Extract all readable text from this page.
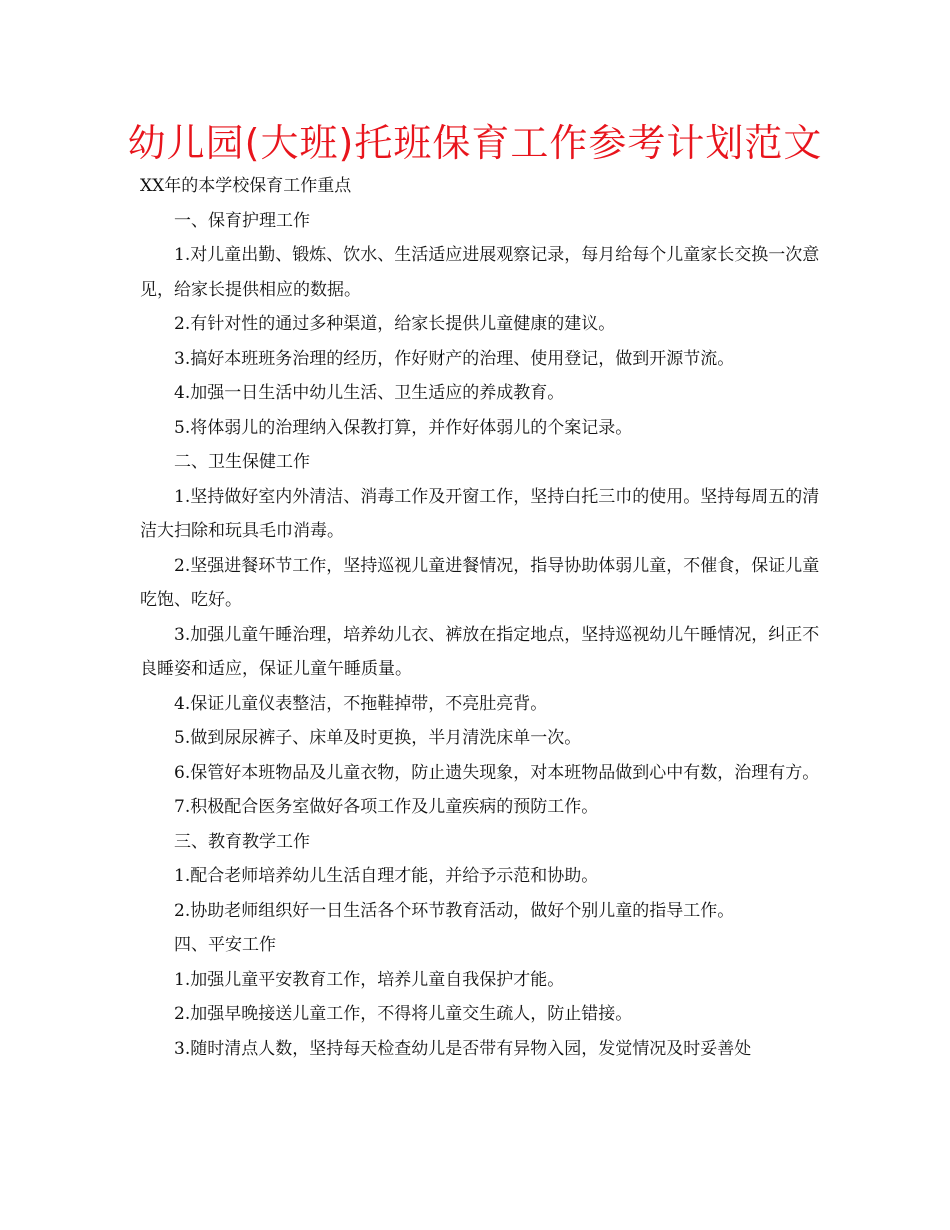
幼儿园(大班)托班保育工作参考计划范文

XX年的本学校保育工作重点

一、保育护理工作

1.对儿童出勤、锻炼、饮水、生活适应进展观察记录，每月给每个儿童家长交换一次意见，给家长提供相应的数据。

2.有针对性的通过多种渠道，给家长提供儿童健康的建议。

3.搞好本班班务治理的经历，作好财产的治理、使用登记，做到开源节流。

4.加强一日生活中幼儿生活、卫生适应的养成教育。

5.将体弱儿的治理纳入保教打算，并作好体弱儿的个案记录。

二、卫生保健工作

1.坚持做好室内外清洁、消毒工作及开窗工作，坚持白托三巾的使用。坚持每周五的清洁大扫除和玩具毛巾消毒。

2.坚强进餐环节工作，坚持巡视儿童进餐情况，指导协助体弱儿童，不催食，保证儿童吃饱、吃好。

3.加强儿童午睡治理，培养幼儿衣、裤放在指定地点，坚持巡视幼儿午睡情况，纠正不良睡姿和适应，保证儿童午睡质量。

4.保证儿童仪表整洁，不拖鞋掉带，不亮肚亮背。

5.做到尿尿裤子、床单及时更换，半月清洗床单一次。

6.保管好本班物品及儿童衣物，防止遗失现象，对本班物品做到心中有数，治理有方。

7.积极配合医务室做好各项工作及儿童疾病的预防工作。

三、教育教学工作

1.配合老师培养幼儿生活自理才能，并给予示范和协助。

2.协助老师组织好一日生活各个环节教育活动，做好个别儿童的指导工作。

四、平安工作

1.加强儿童平安教育工作，培养儿童自我保护才能。

2.加强早晚接送儿童工作，不得将儿童交生疏人，防止错接。

3.随时清点人数，坚持每天检查幼儿是否带有异物入园，发觉情况及时妥善处
